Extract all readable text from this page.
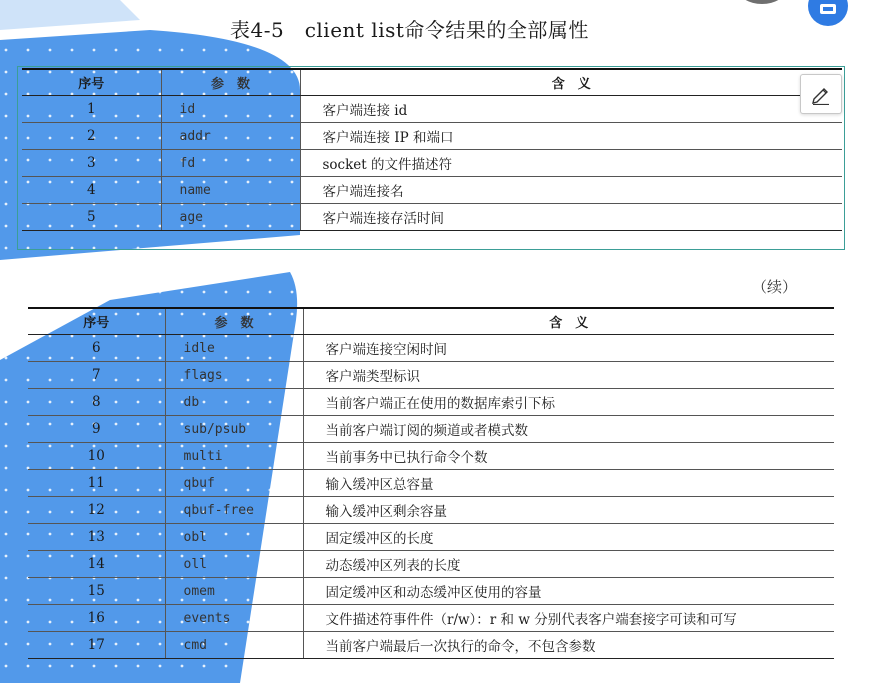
表4-5　client list命令结果的全部属性
序号	参　数	含　义
1	id	客户端连接 id
2	addr	客户端连接 IP 和端口
3	fd	socket 的文件描述符
4	name	客户端连接名
5	age	客户端连接存活时间
（续）
序号	参　数	含　义
6	idle	客户端连接空闲时间
7	flags	客户端类型标识
8	db	当前客户端正在使用的数据库索引下标
9	sub/psub	当前客户端订阅的频道或者模式数
10	multi	当前事务中已执行命令个数
11	qbuf	输入缓冲区总容量
12	qbuf-free	输入缓冲区剩余容量
13	obl	固定缓冲区的长度
14	oll	动态缓冲区列表的长度
15	omem	固定缓冲区和动态缓冲区使用的容量
16	events	文件描述符事件件（r/w）：r 和 w 分别代表客户端套接字可读和可写
17	cmd	当前客户端最后一次执行的命令，不包含参数
